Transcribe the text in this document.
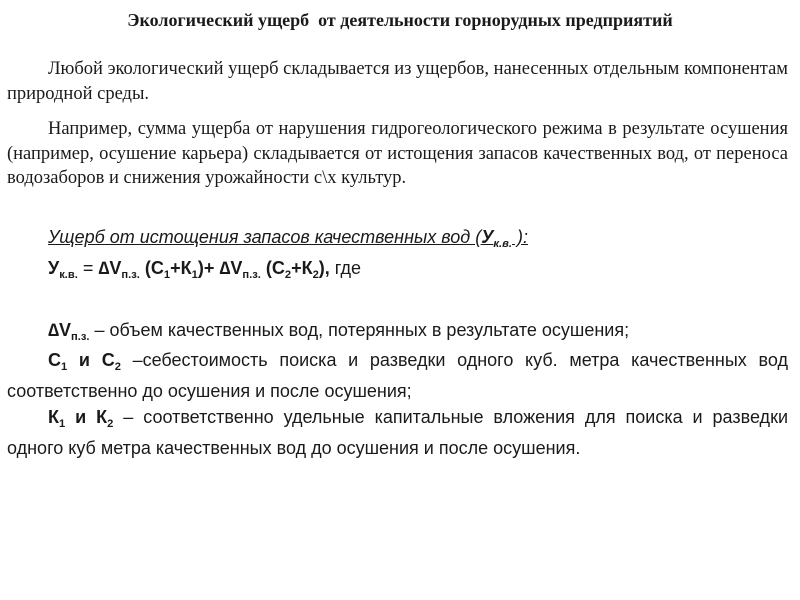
Экологический ущерб  от деятельности горнорудных предприятий

Любой экологический ущерб складывается из ущербов, нанесенных отдельным компонентам природной среды.

Например, сумма ущерба от нарушения гидрогеологического режима в результате осушения (например, осушение карьера) складывается от истощения запасов качественных вод, от переноса водозаборов и снижения урожайности с\х культур.

Ущерб от истощения запасов качественных вод ($У_{к.в.}$ ):
$У_{к.в.} = \Delta V_{п.з.}$ $(С_1+К_1)+ \Delta V_{п.з.}$ $(С_2+К_2)$, где

$\Delta V_{п.з.}$ – объем качественных вод, потерянных в результате осушения;

$С_1$ и $С_2$ –себестоимость поиска и разведки одного куб. метра качественных вод соответственно до осушения и после осушения;

$К_1$ и $К_2$ – соответственно удельные капитальные вложения для поиска и разведки одного куб метра качественных вод до осушения и после осушения.
